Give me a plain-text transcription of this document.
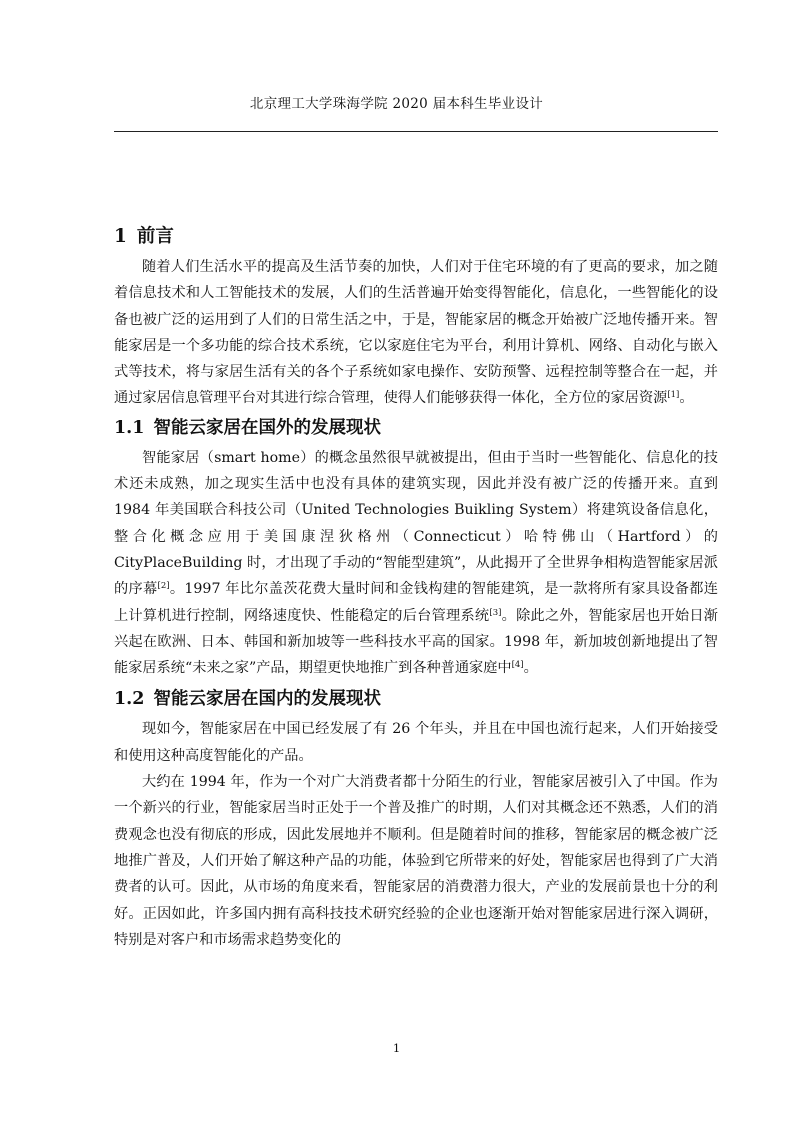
北京理工大学珠海学院 2020 届本科生毕业设计
1 前言

随着人们生活水平的提高及生活节奏的加快，人们对于住宅环境的有了更高的要求，加之随着信息技术和人工智能技术的发展，人们的生活普遍开始变得智能化，信息化，一些智能化的设备也被广泛的运用到了人们的日常生活之中，于是，智能家居的概念开始被广泛地传播开来。智能家居是一个多功能的综合技术系统，它以家庭住宅为平台，利用计算机、网络、自动化与嵌入式等技术，将与家居生活有关的各个子系统如家电操作、安防预警、远程控制等整合在一起，并通过家居信息管理平台对其进行综合管理，使得人们能够获得一体化，全方位的家居资源[1]。

1.1 智能云家居在国外的发展现状

智能家居（smart home）的概念虽然很早就被提出，但由于当时一些智能化、信息化的技术还未成熟，加之现实生活中也没有具体的建筑实现，因此并没有被广泛的传播开来。直到 1984 年美国联合科技公司（United Technologies Buikling System）将建筑设备信息化，整合化概念应用于美国康涅狄格州（Connecticut）哈特佛山（Hartford）的 CityPlaceBuilding 时，才出现了手动的“智能型建筑”，从此揭开了全世界争相构造智能家居派的序幕[2]。1997 年比尔盖茨花费大量时间和金钱构建的智能建筑，是一款将所有家具设备都连上计算机进行控制，网络速度快、性能稳定的后台管理系统[3]。除此之外，智能家居也开始日渐兴起在欧洲、日本、韩国和新加坡等一些科技水平高的国家。1998 年，新加坡创新地提出了智能家居系统“未来之家”产品，期望更快地推广到各种普通家庭中[4]。

1.2 智能云家居在国内的发展现状

现如今，智能家居在中国已经发展了有 26 个年头，并且在中国也流行起来，人们开始接受和使用这种高度智能化的产品。

大约在 1994 年，作为一个对广大消费者都十分陌生的行业，智能家居被引入了中国。作为一个新兴的行业，智能家居当时正处于一个普及推广的时期，人们对其概念还不熟悉，人们的消费观念也没有彻底的形成，因此发展地并不顺利。但是随着时间的推移，智能家居的概念被广泛地推广普及，人们开始了解这种产品的功能，体验到它所带来的好处，智能家居也得到了广大消费者的认可。因此，从市场的角度来看，智能家居的消费潜力很大，产业的发展前景也十分的利好。正因如此，许多国内拥有高科技技术研究经验的企业也逐渐开始对智能家居进行深入调研，特别是对客户和市场需求趋势变化的

1
